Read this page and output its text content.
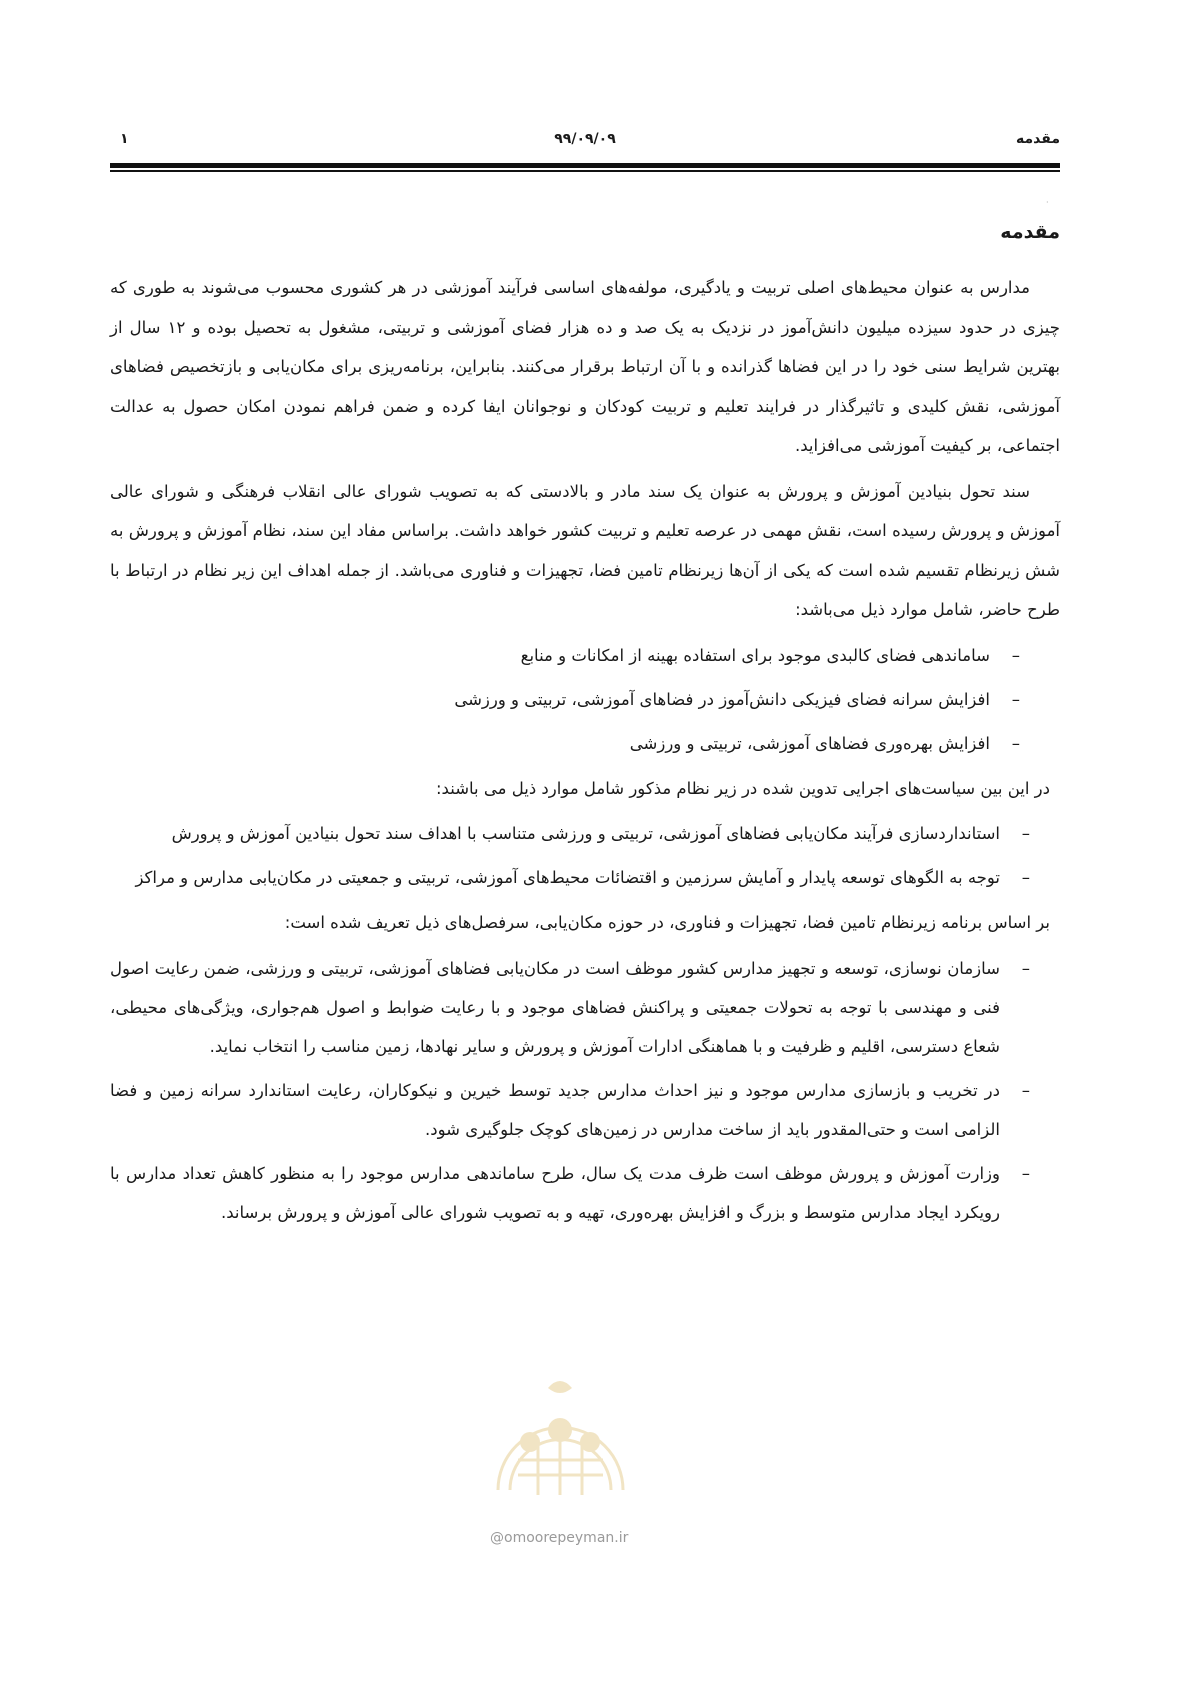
مقدمه
۹۹/۰۹/۰۹
۱
·
مقدمه

مدارس به عنوان محیط‌های اصلی تربیت و یادگیری، مولفه‌های اساسی فرآیند آموزشی در هر کشوری محسوب می‌شوند به طوری که چیزی در حدود سیزده میلیون دانش‌آموز در نزدیک به یک صد و ده هزار فضای آموزشی و تربیتی، مشغول به تحصیل بوده و ۱۲ سال از بهترین شرایط سنی خود را در این فضاها گذرانده و با آن ارتباط برقرار می‌کنند. بنابراین، برنامه‌ریزی برای مکان‌یابی و بازتخصیص فضاهای آموزشی، نقش کلیدی و تاثیرگذار در فرایند تعلیم و تربیت کودکان و نوجوانان ایفا کرده و ضمن فراهم نمودن امکان حصول به عدالت اجتماعی، بر کیفیت آموزشی می‌افزاید.

سند تحول بنیادین آموزش و پرورش به عنوان یک سند مادر و بالادستی که به تصویب شورای عالی انقلاب فرهنگی و شورای عالی آموزش و پرورش رسیده است، نقش مهمی در عرصه تعلیم و تربیت کشور خواهد داشت. براساس مفاد این سند، نظام آموزش و پرورش به شش زیرنظام تقسیم شده است که یکی از آن‌ها زیرنظام تامین فضا، تجهیزات و فناوری می‌باشد. از جمله اهداف این زیر نظام در ارتباط با طرح حاضر، شامل موارد ذیل می‌باشد:

–
ساماندهی فضای کالبدی موجود برای استفاده بهینه از امکانات و منابع
–
افزایش سرانه فضای فیزیکی دانش‌آموز در فضاهای آموزشی، تربیتی و ورزشی
–
افزایش بهره‌وری فضاهای آموزشی، تربیتی و ورزشی

در این بین سیاست‌های اجرایی تدوین شده در زیر نظام مذکور شامل موارد ذیل می باشند:

–
استانداردسازی فرآیند مکان‌یابی فضاهای آموزشی، تربیتی و ورزشی متناسب با اهداف سند تحول بنیادین آموزش و پرورش
–
توجه به الگوهای توسعه پایدار و آمایش سرزمین و اقتضائات محیط‌های آموزشی، تربیتی و جمعیتی در مکان‌یابی مدارس و مراکز

بر اساس برنامه زیرنظام تامین فضا، تجهیزات و فناوری، در حوزه مکان‌یابی، سرفصل‌های ذیل تعریف شده است:

–
سازمان نوسازی، توسعه و تجهیز مدارس کشور موظف است در مکان‌یابی فضاهای آموزشی، تربیتی و ورزشی، ضمن رعایت اصول فنی و مهندسی با توجه به تحولات جمعیتی و پراکنش فضاهای موجود و با رعایت ضوابط و اصول هم‌جواری، ویژگی‌های محیطی، شعاع دسترسی، اقلیم و ظرفیت و با هماهنگی ادارات آموزش و پرورش و سایر نهادها، زمین مناسب را انتخاب نماید.
–
در تخریب و بازسازی مدارس موجود و نیز احداث مدارس جدید توسط خیرین و نیکوکاران، رعایت استاندارد سرانه زمین و فضا الزامی است و حتی‌المقدور باید از ساخت مدارس در زمین‌های کوچک جلوگیری شود.
–
وزارت آموزش و پرورش موظف است ظرف مدت یک سال، طرح ساماندهی مدارس موجود را به منظور کاهش تعداد مدارس با رویکرد ایجاد مدارس متوسط و بزرگ و افزایش بهره‌وری، تهیه و به تصویب شورای عالی آموزش و پرورش برساند.
@omoorepeyman.ir
